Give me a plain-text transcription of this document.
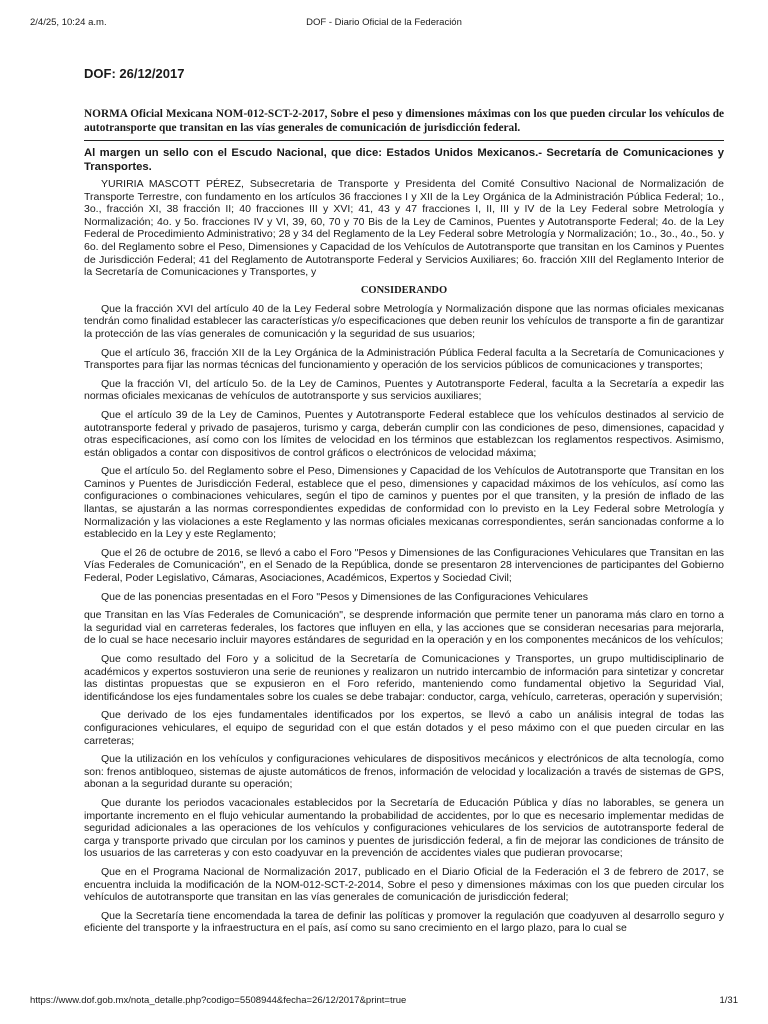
2/4/25, 10:24 a.m.	DOF - Diario Oficial de la Federación
DOF: 26/12/2017

NORMA Oficial Mexicana NOM-012-SCT-2-2017, Sobre el peso y dimensiones máximas con los que pueden circular los vehículos de autotransporte que transitan en las vías generales de comunicación de jurisdicción federal.

Al margen un sello con el Escudo Nacional, que dice: Estados Unidos Mexicanos.- Secretaría de Comunicaciones y Transportes.

YURIRIA MASCOTT PÉREZ, Subsecretaria de Transporte y Presidenta del Comité Consultivo Nacional de Normalización de Transporte Terrestre, con fundamento en los artículos 36 fracciones I y XII de la Ley Orgánica de la Administración Pública Federal; 1o., 3o., fracción XI, 38 fracción II; 40 fracciones III y XVI; 41, 43 y 47 fracciones I, II, III y IV de la Ley Federal sobre Metrología y Normalización; 4o. y 5o. fracciones IV y VI, 39, 60, 70 y 70 Bis de la Ley de Caminos, Puentes y Autotransporte Federal; 4o. de la Ley Federal de Procedimiento Administrativo; 28 y 34 del Reglamento de la Ley Federal sobre Metrología y Normalización; 1o., 3o., 4o., 5o. y 6o. del Reglamento sobre el Peso, Dimensiones y Capacidad de los Vehículos de Autotransporte que transitan en los Caminos y Puentes de Jurisdicción Federal; 41 del Reglamento de Autotransporte Federal y Servicios Auxiliares; 6o. fracción XIII del Reglamento Interior de la Secretaría de Comunicaciones y Transportes, y

CONSIDERANDO

Que la fracción XVI del artículo 40 de la Ley Federal sobre Metrología y Normalización dispone que las normas oficiales mexicanas tendrán como finalidad establecer las características y/o especificaciones que deben reunir los vehículos de transporte a fin de garantizar la protección de las vías generales de comunicación y la seguridad de sus usuarios;

Que el artículo 36, fracción XII de la Ley Orgánica de la Administración Pública Federal faculta a la Secretaría de Comunicaciones y Transportes para fijar las normas técnicas del funcionamiento y operación de los servicios públicos de comunicaciones y transportes;

Que la fracción VI, del artículo 5o. de la Ley de Caminos, Puentes y Autotransporte Federal, faculta a la Secretaría a expedir las normas oficiales mexicanas de vehículos de autotransporte y sus servicios auxiliares;

Que el artículo 39 de la Ley de Caminos, Puentes y Autotransporte Federal establece que los vehículos destinados al servicio de autotransporte federal y privado de pasajeros, turismo y carga, deberán cumplir con las condiciones de peso, dimensiones, capacidad y otras especificaciones, así como con los límites de velocidad en los términos que establezcan los reglamentos respectivos. Asimismo, están obligados a contar con dispositivos de control gráficos o electrónicos de velocidad máxima;

Que el artículo 5o. del Reglamento sobre el Peso, Dimensiones y Capacidad de los Vehículos de Autotransporte que Transitan en los Caminos y Puentes de Jurisdicción Federal, establece que el peso, dimensiones y capacidad máximos de los vehículos, así como las configuraciones o combinaciones vehiculares, según el tipo de caminos y puentes por el que transiten, y la presión de inflado de las llantas, se ajustarán a las normas correspondientes expedidas de conformidad con lo previsto en la Ley Federal sobre Metrología y Normalización y las violaciones a este Reglamento y las normas oficiales mexicanas correspondientes, serán sancionadas conforme a lo establecido en la Ley y este Reglamento;

Que el 26 de octubre de 2016, se llevó a cabo el Foro "Pesos y Dimensiones de las Configuraciones Vehiculares que Transitan en las Vías Federales de Comunicación", en el Senado de la República, donde se presentaron 28 intervenciones de participantes del Gobierno Federal, Poder Legislativo, Cámaras, Asociaciones, Académicos, Expertos y Sociedad Civil;

Que de las ponencias presentadas en el Foro "Pesos y Dimensiones de las Configuraciones Vehiculares

que Transitan en las Vías Federales de Comunicación", se desprende información que permite tener un panorama más claro en torno a la seguridad vial en carreteras federales, los factores que influyen en ella, y las acciones que se consideran necesarias para mejorarla, de lo cual se hace necesario incluir mayores estándares de seguridad en la operación y en los componentes mecánicos de los vehículos;

Que como resultado del Foro y a solicitud de la Secretaría de Comunicaciones y Transportes, un grupo multidisciplinario de académicos y expertos sostuvieron una serie de reuniones y realizaron un nutrido intercambio de información para sintetizar y concretar las distintas propuestas que se expusieron en el Foro referido, manteniendo como fundamental objetivo la Seguridad Vial, identificándose los ejes fundamentales sobre los cuales se debe trabajar: conductor, carga, vehículo, carreteras, operación y supervisión;

Que derivado de los ejes fundamentales identificados por los expertos, se llevó a cabo un análisis integral de todas las configuraciones vehiculares, el equipo de seguridad con el que están dotados y el peso máximo con el que pueden circular en las carreteras;

Que la utilización en los vehículos y configuraciones vehiculares de dispositivos mecánicos y electrónicos de alta tecnología, como son: frenos antibloqueo, sistemas de ajuste automáticos de frenos, información de velocidad y localización a través de sistemas de GPS, abonan a la seguridad durante su operación;

Que durante los periodos vacacionales establecidos por la Secretaría de Educación Pública y días no laborables, se genera un importante incremento en el flujo vehicular aumentando la probabilidad de accidentes, por lo que es necesario implementar medidas de seguridad adicionales a las operaciones de los vehículos y configuraciones vehiculares de los servicios de autotransporte federal de carga y transporte privado que circulan por los caminos y puentes de jurisdicción federal, a fin de mejorar las condiciones de tránsito de los usuarios de las carreteras y con esto coadyuvar en la prevención de accidentes viales que pudieran provocarse;

Que en el Programa Nacional de Normalización 2017, publicado en el Diario Oficial de la Federación el 3 de febrero de 2017, se encuentra incluida la modificación de la NOM-012-SCT-2-2014, Sobre el peso y dimensiones máximas con los que pueden circular los vehículos de autotransporte que transitan en las vías generales de comunicación de jurisdicción federal;

Que la Secretaría tiene encomendada la tarea de definir las políticas y promover la regulación que coadyuven al desarrollo seguro y eficiente del transporte y la infraestructura en el país, así como su sano crecimiento en el largo plazo, para lo cual se

https://www.dof.gob.mx/nota_detalle.php?codigo=5508944&fecha=26/12/2017&print=true	1/31
